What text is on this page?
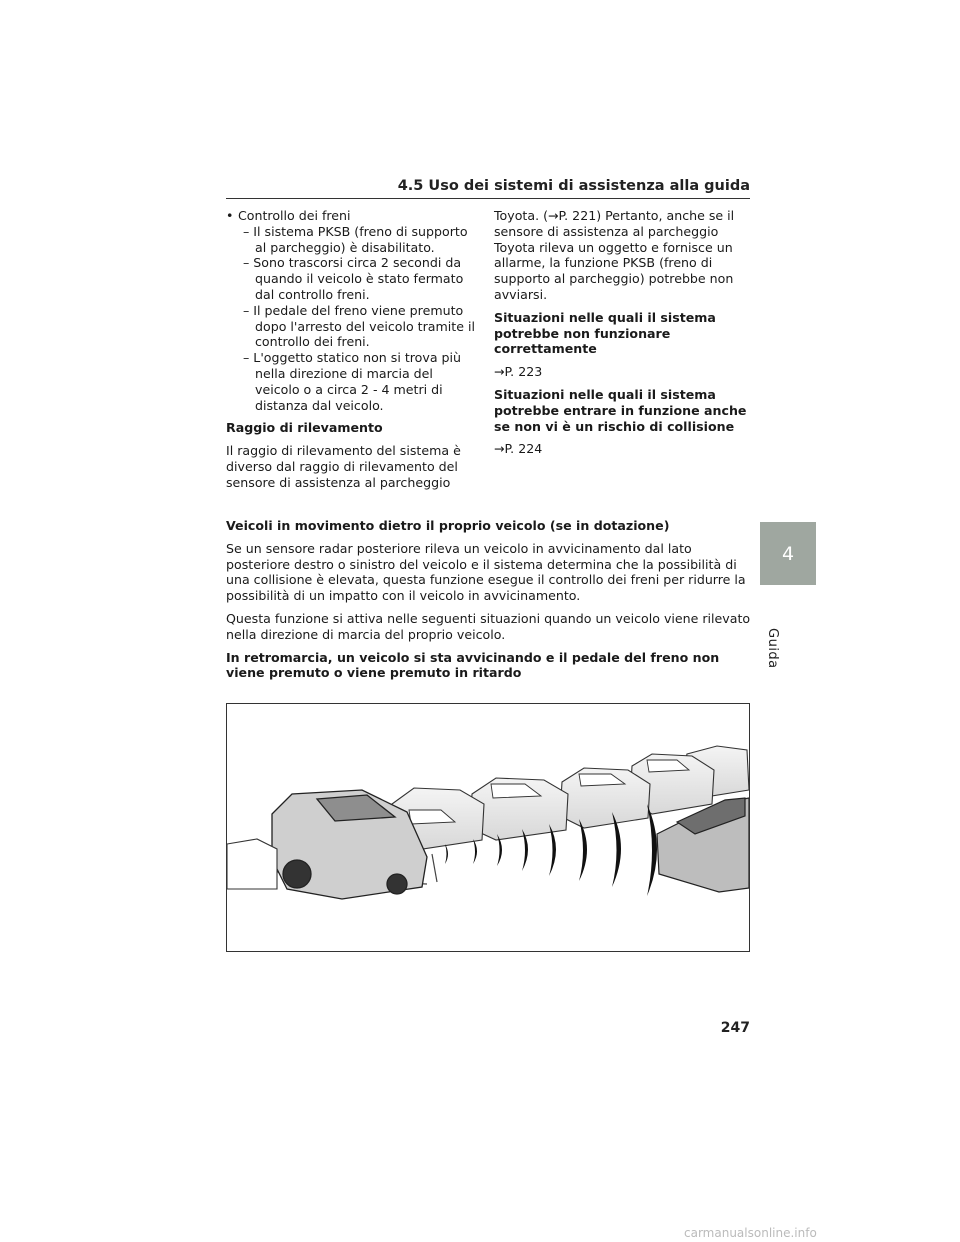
4.5 Uso dei sistemi di assistenza alla guida
4
Guida
• Controllo dei freni

– Il sistema PKSB (freno di supporto al parcheggio) è disabilitato.

– Sono trascorsi circa 2 secondi da quando il veicolo è stato fermato dal controllo freni.

– Il pedale del freno viene premuto dopo l'arresto del veicolo tramite il controllo dei freni.

– L'oggetto statico non si trova più nella direzione di marcia del veicolo o a circa 2 - 4 metri di distanza dal veicolo.

Raggio di rilevamento

Il raggio di rilevamento del sistema è diverso dal raggio di rilevamento del sensore di assistenza al parcheggio

Toyota. (→P. 221) Pertanto, anche se il sensore di assistenza al parcheggio Toyota rileva un oggetto e fornisce un allarme, la funzione PKSB (freno di supporto al parcheggio) potrebbe non avviarsi.

Situazioni nelle quali il sistema potrebbe non funzionare correttamente

→P. 223

Situazioni nelle quali il sistema potrebbe entrare in funzione anche se non vi è un rischio di collisione

→P. 224

Veicoli in movimento dietro il proprio veicolo (se in dotazione)

Se un sensore radar posteriore rileva un veicolo in avvicinamento dal lato posteriore destro o sinistro del veicolo e il sistema determina che la possibilità di una collisione è elevata, questa funzione esegue il controllo dei freni per ridurre la possibilità di un impatto con il veicolo in avvicinamento.

Questa funzione si attiva nelle seguenti situazioni quando un veicolo viene rilevato nella direzione di marcia del proprio veicolo.

In retromarcia, un veicolo si sta avvicinando e il pedale del freno non viene premuto o viene premuto in ritardo

247
carmanualsonline.info
